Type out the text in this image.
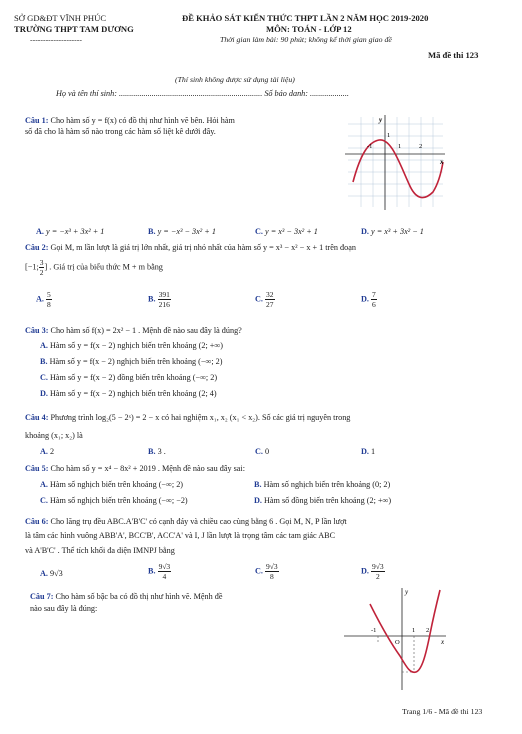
SỞ GD&ĐT VĨNH PHÚC
TRƯỜNG THPT TAM DƯƠNG
--------------------
ĐỀ KHẢO SÁT KIẾN THỨC THPT LẦN 2 NĂM HỌC 2019-2020
MÔN: TOÁN - LỚP 12
Thời gian làm bài: 90 phút; không kể thời gian giao đề
Mã đề thi 123
(Thí sinh không được sử dụng tài liệu)
Họ và tên thí sinh: ...................................................................... Số báo danh: ...................
Câu 1: Cho hàm số y = f(x) có đồ thị như hình vẽ bên. Hỏi hàm
số đã cho là hàm số nào trong các hàm số liệt kê dưới đây.
y
x
1
-1	1	2
A. y = −x³ + 3x² + 1	B. y = −x³ − 3x² + 1	C. y = x³ − 3x² + 1	D. y = x³ + 3x² − 1
Câu 2: Gọi M, m lần lượt là giá trị lớn nhất, giá trị nhỏ nhất của hàm số y = x³ − x² − x + 1 trên đoạn
[−1; $\frac{3}{2}$ ] . Giá trị của biểu thức M + m bằng
A. $\frac{5}{8}$	B. $\frac{391}{216}$	C. $\frac{32}{27}$	D. $\frac{7}{6}$
Câu 3: Cho hàm số f(x) = 2x² − 1 . Mệnh đề nào sau đây là đúng?
A. Hàm số y = f(x − 2) nghịch biến trên khoảng (2; +∞)
B. Hàm số y = f(x − 2) nghịch biến trên khoảng (−∞; 2)
C. Hàm số y = f(x − 2) đồng biến trên khoảng (−∞; 2)
D. Hàm số y = f(x − 2) nghịch biến trên khoảng (2; 4)
Câu 4: Phương trình log₂(5 − 2ˣ) = 2 − x có hai nghiệm x₁, x₂ (x₁ < x₂). Số các giá trị nguyên trong
khoảng (x₁; x₂) là
A. 2	B. 3 .	C. 0	D. 1
Câu 5: Cho hàm số y = x⁴ − 8x² + 2019 . Mệnh đề nào sau đây sai:
A. Hàm số nghịch biến trên khoảng (−∞; 2)	B. Hàm số nghịch biến trên khoảng (0; 2)
C. Hàm số nghịch biến trên khoảng (−∞; −2)	D. Hàm số đồng biến trên khoảng (2; +∞)
Câu 6: Cho lăng trụ đều ABC.A'B'C' có cạnh đáy và chiều cao cùng bằng 6 . Gọi M, N, P lần lượt
là tâm các hình vuông ABB'A', BCC'B', ACC'A' và I, J lần lượt là trọng tâm các tam giác ABC
và A'B'C' . Thể tích khối đa diện IMNPJ bằng
A. 9√3	B. $\frac{9√3}{4}$	C. $\frac{9√3}{8}$	D. $\frac{9√3}{2}$
Câu 7: Cho hàm số bậc ba có đồ thị như hình vẽ. Mệnh đề
nào sau đây là đúng:
y
x
O
-1	1 2
Trang 1/6 - Mã đề thi 123
